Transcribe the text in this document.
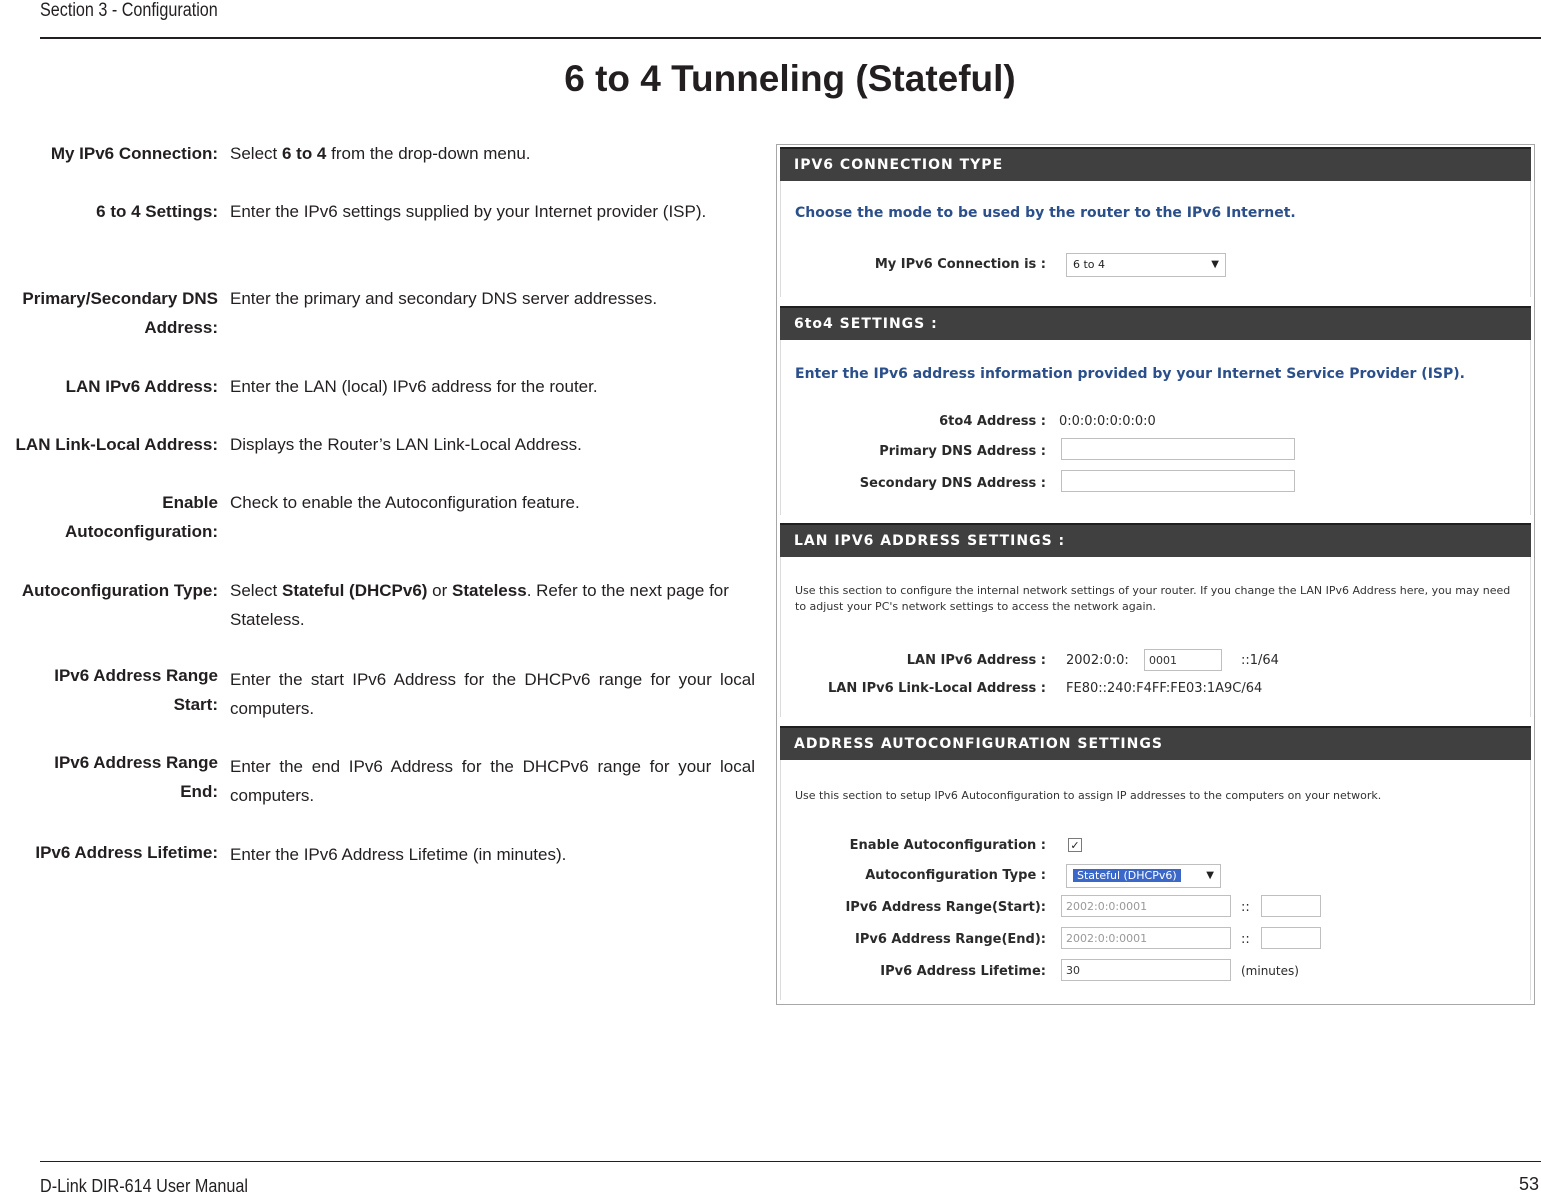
Section 3 - Configuration
6 to 4 Tunneling (Stateful)
My IPv6 Connection: Select 6 to 4 from the drop-down menu.
6 to 4 Settings: Enter the IPv6 settings supplied by your Internet provider (ISP).
Primary/Secondary DNS
Address:
Enter the primary and secondary DNS server addresses.
LAN IPv6 Address: Enter the LAN (local) IPv6 address for the router.
LAN Link-Local Address: Displays the Router’s LAN Link-Local Address.
Enable
Autoconfiguration:
Check to enable the Autoconfiguration feature.
Autoconfiguration Type: Select Stateful (DHCPv6) or Stateless. Refer to the next page for Stateless.
IPv6 Address Range
Start:
Enter the start IPv6 Address for the DHCPv6 range for your local computers.
IPv6 Address Range
End:
Enter the end IPv6 Address for the DHCPv6 range for your local computers.
IPv6 Address Lifetime: Enter the IPv6 Address Lifetime (in minutes).
IPV6 CONNECTION TYPE
Choose the mode to be used by the router to the IPv6 Internet.
My IPv6 Connection is :	6 to 4	▼
6to4 SETTINGS :
Enter the IPv6 address information provided by your Internet Service Provider (ISP).
6to4 Address : 0:0:0:0:0:0:0:0
Primary DNS Address :
Secondary DNS Address :
LAN IPV6 ADDRESS SETTINGS :
Use this section to configure the internal network settings of your router. If you change the LAN IPv6 Address here, you may need to adjust your PC's network settings to access the network again.
LAN IPv6 Address : 2002:0:0:	0001	::1/64
LAN IPv6 Link-Local Address : FE80::240:F4FF:FE03:1A9C/64
ADDRESS AUTOCONFIGURATION SETTINGS
Use this section to setup IPv6 Autoconfiguration to assign IP addresses to the computers on your network.
Enable Autoconfiguration : ✓
Autoconfiguration Type :	Stateful (DHCPv6)	▼
IPv6 Address Range(Start):	2002:0:0:0001	::
IPv6 Address Range(End):	2002:0:0:0001	::
IPv6 Address Lifetime:	30	(minutes)
D-Link DIR-614 User Manual	53
